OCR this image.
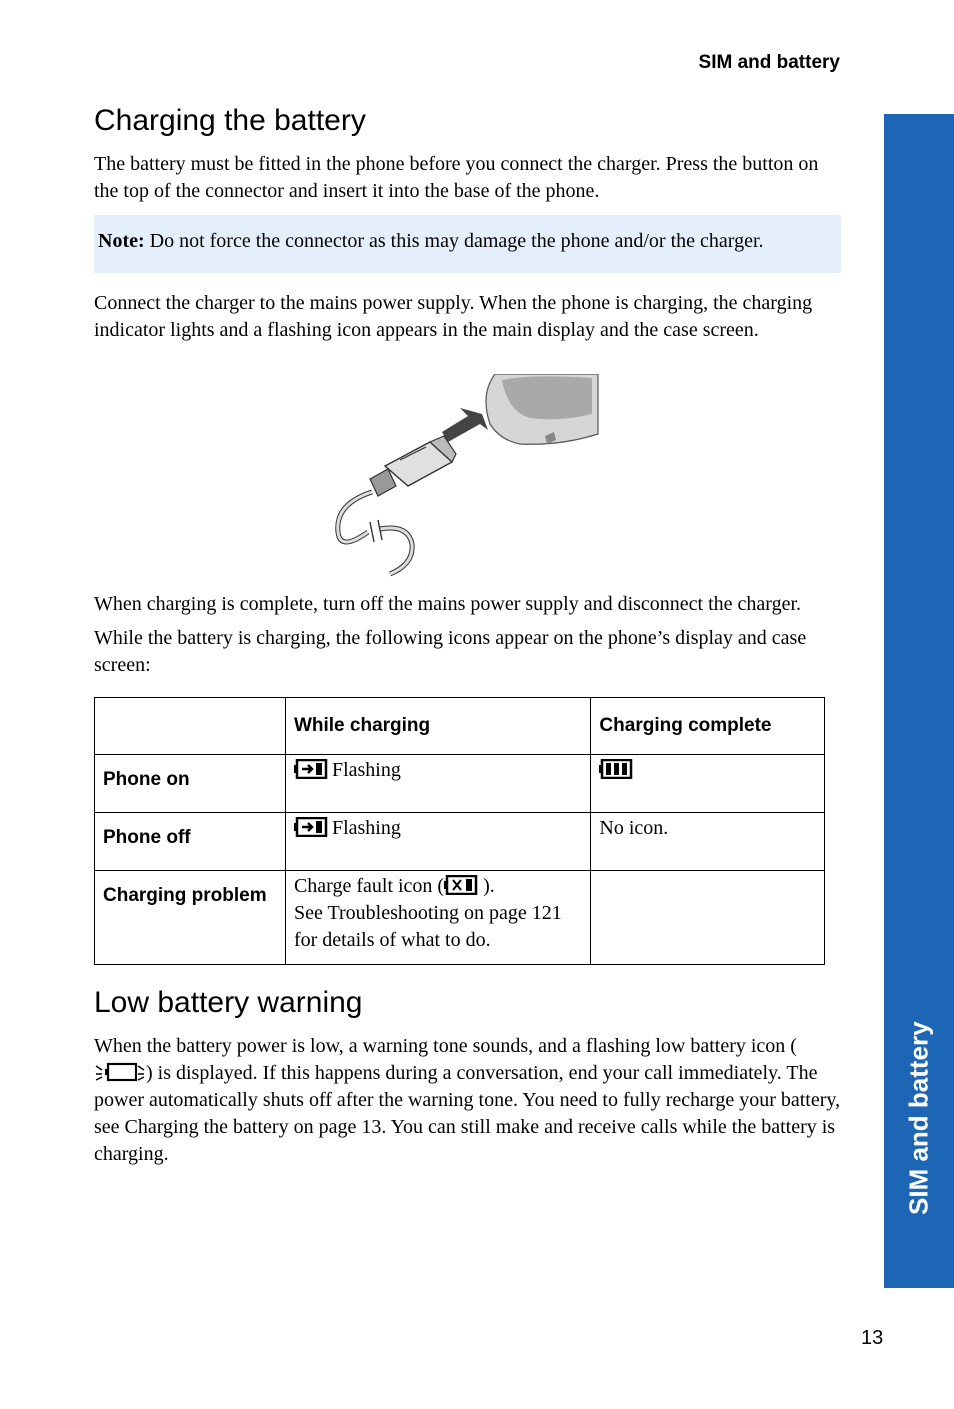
SIM and battery
SIM and battery
Charging the battery

The battery must be fitted in the phone before you connect the charger. Press the button on the top of the connector and insert it into the base of the phone.

Note: Do not force the connector as this may damage the phone and/or the charger.

Connect the charger to the mains power supply. When the phone is charging, the charging indicator lights and a flashing icon appears in the main display and the case screen.

When charging is complete, turn off the mains power supply and disconnect the charger.

While the battery is charging, the following icons appear on the phone’s display and case screen:

	While charging	Charging complete
Phone on	Flashing	
Phone off	Flashing	No icon.
Charging problem	Charge fault icon ( ).
See Troubleshooting on page 121
for details of what to do.	
Low battery warning

When the battery power is low, a warning tone sounds, and a flashing low battery icon () is displayed. If this happens during a conversation, end your call immediately. The power automatically shuts off after the warning tone. You need to fully recharge your battery, see Charging the battery on page 13. You can still make and receive calls while the battery is charging.

13
